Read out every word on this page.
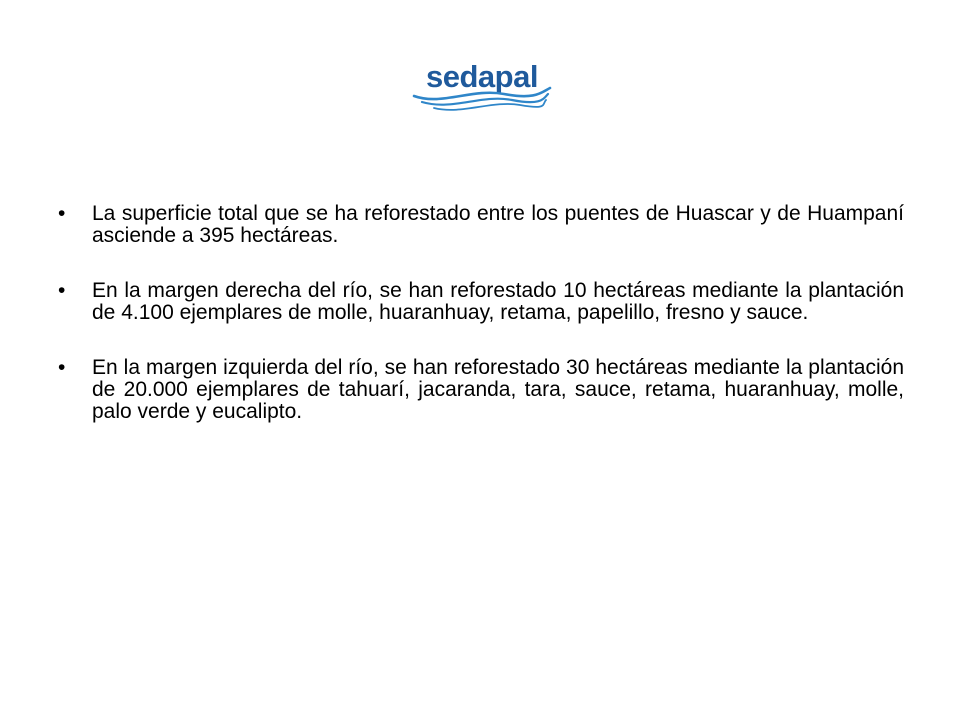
sedapal
• La superficie total que se ha reforestado entre los puentes de Huascar y de Huampaní asciende a 395 hectáreas.
• En la margen derecha del río, se han reforestado 10 hectáreas mediante la plantación de 4.100 ejemplares de molle, huaranhuay, retama, papelillo, fresno y sauce.
• En la margen izquierda del río, se han reforestado 30 hectáreas mediante la plantación de 20.000 ejemplares de tahuarí, jacaranda, tara, sauce, retama, huaranhuay, molle, palo verde y eucalipto.
